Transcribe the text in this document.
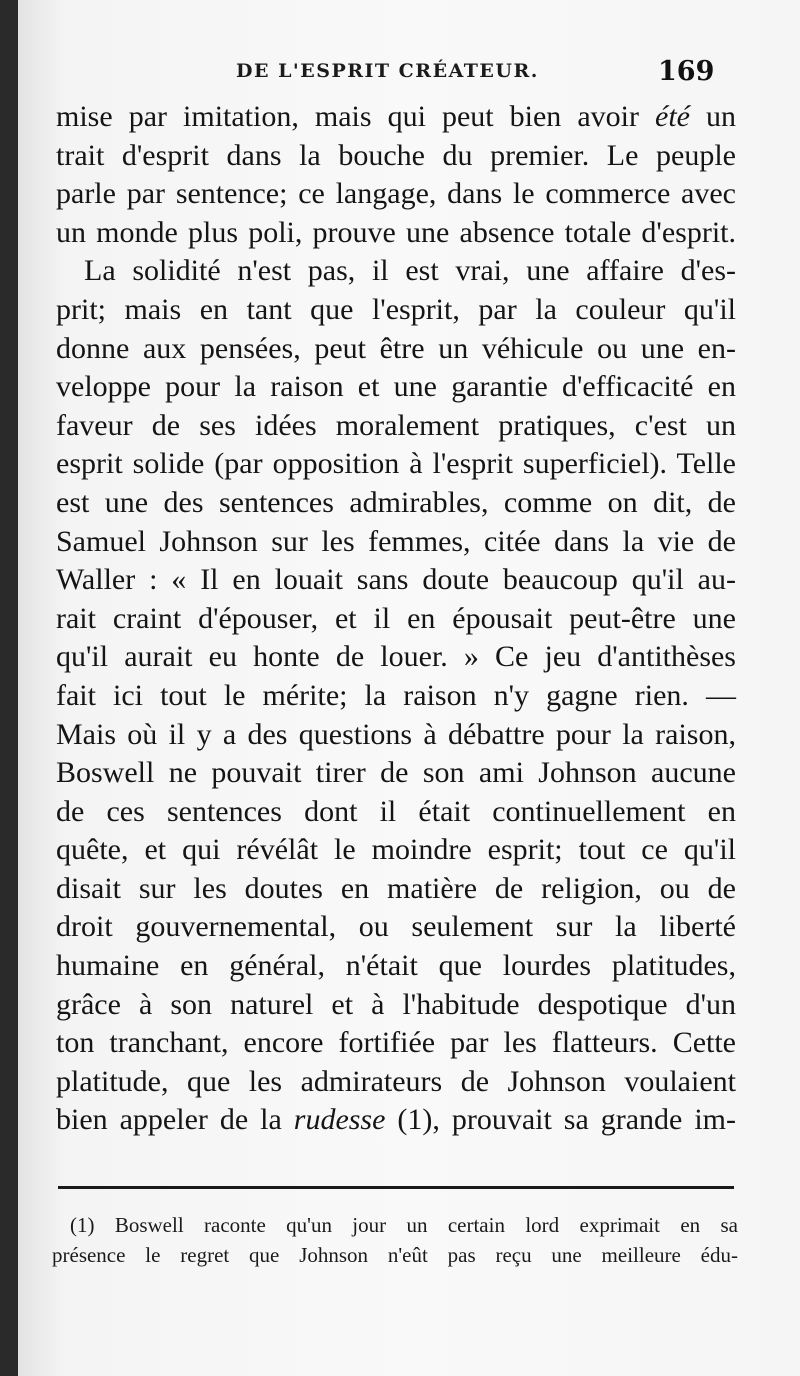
DE L'ESPRIT CRÉATEUR.	169
mise par imitation, mais qui peut bien avoir été un
trait d'esprit dans la bouche du premier. Le peuple
parle par sentence; ce langage, dans le commerce avec
un monde plus poli, prouve une absence totale d'esprit.
La solidité n'est pas, il est vrai, une affaire d'es-
prit; mais en tant que l'esprit, par la couleur qu'il
donne aux pensées, peut être un véhicule ou une en-
veloppe pour la raison et une garantie d'efficacité en
faveur de ses idées moralement pratiques, c'est un
esprit solide (par opposition à l'esprit superficiel). Telle
est une des sentences admirables, comme on dit, de
Samuel Johnson sur les femmes, citée dans la vie de
Waller : « Il en louait sans doute beaucoup qu'il au-
rait craint d'épouser, et il en épousait peut-être une
qu'il aurait eu honte de louer. » Ce jeu d'antithèses
fait ici tout le mérite; la raison n'y gagne rien. —
Mais où il y a des questions à débattre pour la raison,
Boswell ne pouvait tirer de son ami Johnson aucune
de ces sentences dont il était continuellement en
quête, et qui révélât le moindre esprit; tout ce qu'il
disait sur les doutes en matière de religion, ou de
droit gouvernemental, ou seulement sur la liberté
humaine en général, n'était que lourdes platitudes,
grâce à son naturel et à l'habitude despotique d'un
ton tranchant, encore fortifiée par les flatteurs. Cette
platitude, que les admirateurs de Johnson voulaient
bien appeler de la rudesse (1), prouvait sa grande im-
(1) Boswell raconte qu'un jour un certain lord exprimait en sa
présence le regret que Johnson n'eût pas reçu une meilleure édu-
